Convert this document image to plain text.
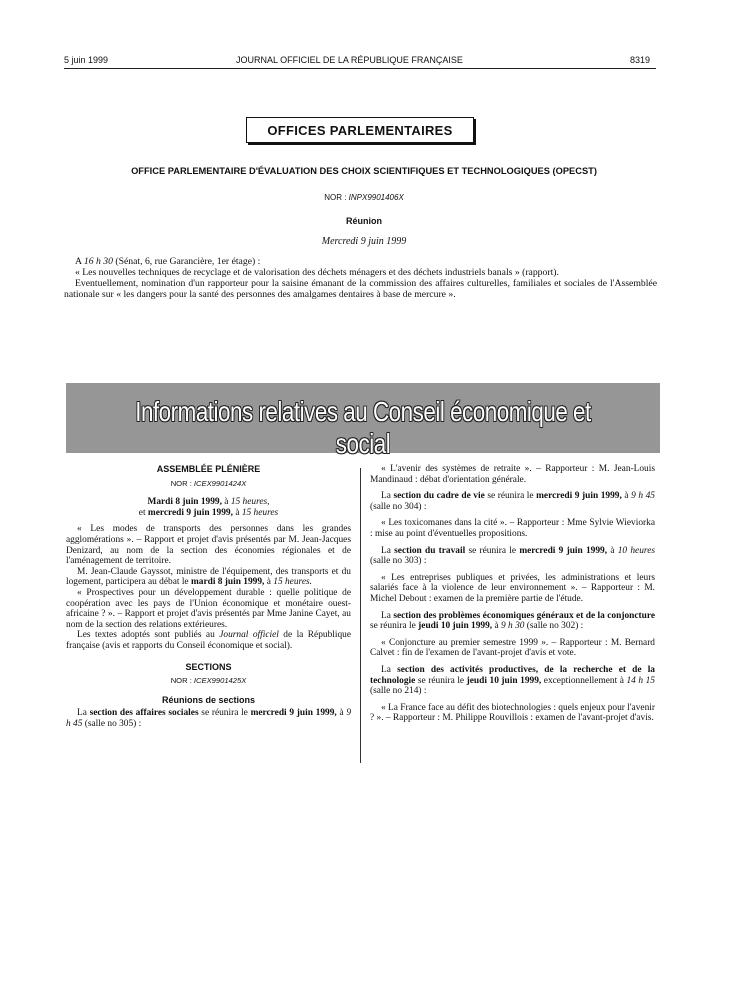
5 juin 1999	JOURNAL OFFICIEL DE LA RÉPUBLIQUE FRANÇAISE	8319
OFFICES PARLEMENTAIRES
OFFICE PARLEMENTAIRE D'ÉVALUATION DES CHOIX SCIENTIFIQUES ET TECHNOLOGIQUES (OPECST)
NOR : INPX9901406X
Réunion
Mercredi 9 juin 1999

A 16 h 30 (Sénat, 6, rue Garancière, 1er étage) :

« Les nouvelles techniques de recyclage et de valorisation des déchets ménagers et des déchets industriels banals » (rapport).

Eventuellement, nomination d'un rapporteur pour la saisine émanant de la commission des affaires culturelles, familiales et sociales de l'Assemblée nationale sur « les dangers pour la santé des personnes des amalgames dentaires à base de mercure ».

Informations relatives au Conseil économique et social
ASSEMBLÉE PLÉNIÈRE
NOR : ICEX9901424X
Mardi 8 juin 1999, à 15 heures,
et mercredi 9 juin 1999, à 15 heures

« Les modes de transports des personnes dans les grandes agglomérations ». – Rapport et projet d'avis présentés par M. Jean-Jacques Denizard, au nom de la section des économies régionales et de l'aménagement de territoire.

M. Jean-Claude Gayssot, ministre de l'équipement, des transports et du logement, participera au débat le mardi 8 juin 1999, à 15 heures.

« Prospectives pour un développement durable : quelle politique de coopération avec les pays de l'Union économique et monétaire ouest-africaine ? ». – Rapport et projet d'avis présentés par Mme Janine Cayet, au nom de la section des relations extérieures.

Les textes adoptés sont publiés au Journal officiel de la République française (avis et rapports du Conseil économique et social).

SECTIONS
NOR : ICEX9901425X
Réunions de sections

La section des affaires sociales se réunira le mercredi 9 juin 1999, à 9 h 45 (salle no 305) :

« L'avenir des systèmes de retraite ». – Rapporteur : M. Jean-Louis Mandinaud : débat d'orientation générale.

La section du cadre de vie se réunira le mercredi 9 juin 1999, à 9 h 45 (salle no 304) :

« Les toxicomanes dans la cité ». – Rapporteur : Mme Sylvie Wieviorka : mise au point d'éventuelles propositions.

La section du travail se réunira le mercredi 9 juin 1999, à 10 heures (salle no 303) :

« Les entreprises publiques et privées, les administrations et leurs salariés face à la violence de leur environnement ». – Rapporteur : M. Michel Debout : examen de la première partie de l'étude.

La section des problèmes économiques généraux et de la conjoncture se réunira le jeudi 10 juin 1999, à 9 h 30 (salle no 302) :

« Conjoncture au premier semestre 1999 ». – Rapporteur : M. Bernard Calvet : fin de l'examen de l'avant-projet d'avis et vote.

La section des activités productives, de la recherche et de la technologie se réunira le jeudi 10 juin 1999, exceptionnellement à 14 h 15 (salle no 214) :

« La France face au défit des biotechnologies : quels enjeux pour l'avenir ? ». – Rapporteur : M. Philippe Rouvillois : examen de l'avant-projet d'avis.
